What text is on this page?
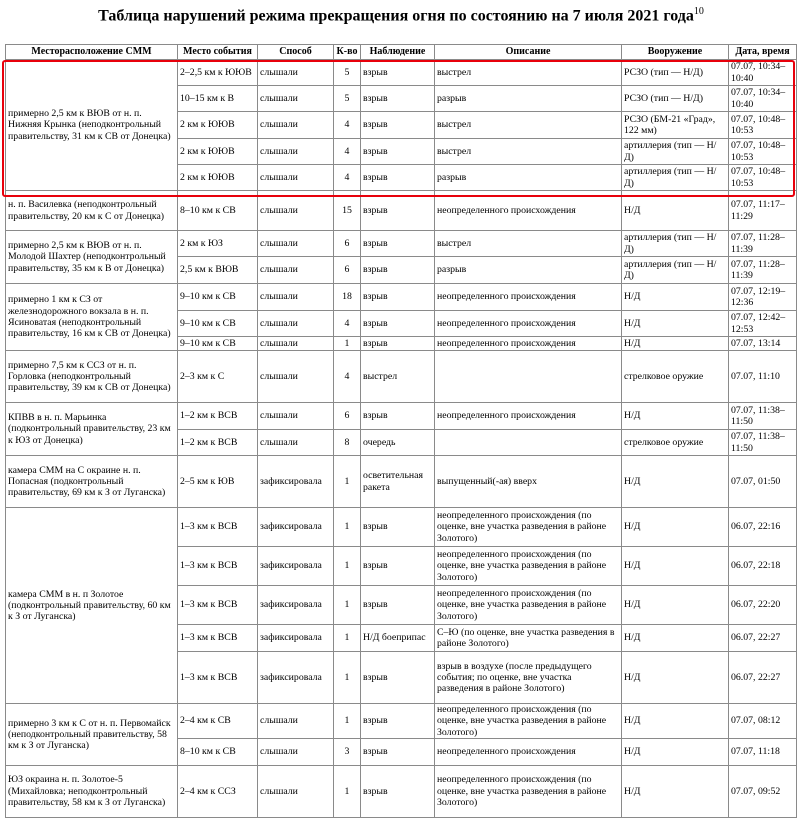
Таблица нарушений режима прекращения огня по состоянию на 7 июля 2021 года$^{10}$
Месторасположение СММ	Место события	Способ	К-во	Наблюдение	Описание	Вооружение	Дата, время
примерно 2,5 км к ВЮВ от н. п. Нижняя Крынка (неподконтрольный правительству, 31 км к СВ от Донецка)	2–2,5 км к ЮЮВ	слышали	5	взрыв	выстрел	РСЗО (тип — Н/Д)	07.07, 10:34–10:40
	10–15 км к В	слышали	5	взрыв	разрыв	РСЗО (тип — Н/Д)	07.07, 10:34–10:40
	2 км к ЮЮВ	слышали	4	взрыв	выстрел	РСЗО (БМ-21 «Град», 122 мм)	07.07, 10:48–10:53
	2 км к ЮЮВ	слышали	4	взрыв	выстрел	артиллерия (тип — Н/Д)	07.07, 10:48–10:53
	2 км к ЮЮВ	слышали	4	взрыв	разрыв	артиллерия (тип — Н/Д)	07.07, 10:48–10:53
н. п. Василевка (неподконтрольный правительству, 20 км к С от Донецка)	8–10 км к СВ	слышали	15	взрыв	неопределенного происхождения	Н/Д	07.07, 11:17–11:29
примерно 2,5 км к ВЮВ от н. п. Молодой Шахтер (неподконтрольный правительству, 35 км к В от Донецка)	2 км к ЮЗ	слышали	6	взрыв	выстрел	артиллерия (тип — Н/Д)	07.07, 11:28–11:39
	2,5 км к ВЮВ	слышали	6	взрыв	разрыв	артиллерия (тип — Н/Д)	07.07, 11:28–11:39
примерно 1 км к СЗ от железнодорожного вокзала в н. п. Ясиноватая (неподконтрольный правительству, 16 км к СВ от Донецка)	9–10 км к СВ	слышали	18	взрыв	неопределенного происхождения	Н/Д	07.07, 12:19–12:36
	9–10 км к СВ	слышали	4	взрыв	неопределенного происхождения	Н/Д	07.07, 12:42–12:53
	9–10 км к СВ	слышали	1	взрыв	неопределенного происхождения	Н/Д	07.07, 13:14
примерно 7,5 км к ССЗ от н. п. Горловка (неподконтрольный правительству, 39 км к СВ от Донецка)	2–3 км к С	слышали	4	выстрел		стрелковое оружие	07.07, 11:10
КПВВ в н. п. Марьинка (подконтрольный правительству, 23 км к ЮЗ от Донецка)	1–2 км к ВСВ	слышали	6	взрыв	неопределенного происхождения	Н/Д	07.07, 11:38–11:50
	1–2 км к ВСВ	слышали	8	очередь		стрелковое оружие	07.07, 11:38–11:50
камера СММ на С окраине н. п. Попасная (подконтрольный правительству, 69 км к З от Луганска)	2–5 км к ЮВ	зафиксировала	1	осветительная ракета	выпущенный(-ая) вверх	Н/Д	07.07, 01:50
камера СММ в н. п Золотое (подконтрольный правительству, 60 км к З от Луганска)	1–3 км к ВСВ	зафиксировала	1	взрыв	неопределенного происхождения (по оценке, вне участка разведения в районе Золотого)	Н/Д	06.07, 22:16
	1–3 км к ВСВ	зафиксировала	1	взрыв	неопределенного происхождения (по оценке, вне участка разведения в районе Золотого)	Н/Д	06.07, 22:18
	1–3 км к ВСВ	зафиксировала	1	взрыв	неопределенного происхождения (по оценке, вне участка разведения в районе Золотого)	Н/Д	06.07, 22:20
	1–3 км к ВСВ	зафиксировала	1	Н/Д боеприпас	С–Ю (по оценке, вне участка разведения в районе Золотого)	Н/Д	06.07, 22:27
	1–3 км к ВСВ	зафиксировала	1	взрыв	взрыв в воздухе (после предыдущего события; по оценке, вне участка разведения в районе Золотого)	Н/Д	06.07, 22:27
примерно 3 км к С от н. п. Первомайск (неподконтрольный правительству, 58 км к З от Луганска)	2–4 км к СВ	слышали	1	взрыв	неопределенного происхождения (по оценке, вне участка разведения в районе Золотого)	Н/Д	07.07, 08:12
	8–10 км к СВ	слышали	3	взрыв	неопределенного происхождения	Н/Д	07.07, 11:18
ЮЗ окраина н. п. Золотое-5 (Михайловка; неподконтрольный правительству, 58 км к З от Луганска)	2–4 км к ССЗ	слышали	1	взрыв	неопределенного происхождения (по оценке, вне участка разведения в районе Золотого)	Н/Д	07.07, 09:52
